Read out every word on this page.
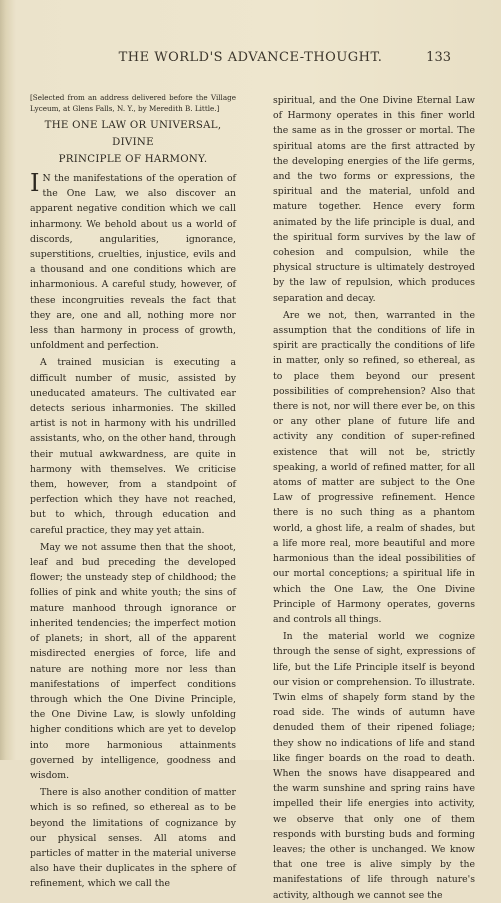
THE WORLD'S ADVANCE-THOUGHT.	133
[Selected from an address delivered before the Village Lyceum, at Glens Falls, N. Y., by Meredith B. Little.]
THE ONE LAW OR UNIVERSAL, DIVINE
PRINCIPLE OF HARMONY.

I N the manifestations of the operation of the One Law, we also discover an apparent negative condition which we call inharmony. We behold about us a world of discords, angularities, ignorance, superstitions, cruelties, injustice, evils and a thousand and one conditions which are inharmonious. A careful study, however, of these incongruities reveals the fact that they are, one and all, nothing more nor less than harmony in process of growth, unfoldment and perfection.

A trained musician is executing a difficult number of music, assisted by uneducated amateurs. The cultivated ear detects serious inharmonies. The skilled artist is not in harmony with his undrilled assistants, who, on the other hand, through their mutual awkwardness, are quite in harmony with themselves. We criticise them, however, from a standpoint of perfection which they have not reached, but to which, through education and careful practice, they may yet attain.

May we not assume then that the shoot, leaf and bud preceding the developed flower; the unsteady step of childhood; the follies of pink and white youth; the sins of mature manhood through ignorance or inherited tendencies; the imperfect motion of planets; in short, all of the apparent misdirected energies of force, life and nature are nothing more nor less than manifestations of imperfect conditions through which the One Divine Principle, the One Divine Law, is slowly unfolding higher conditions which are yet to develop into more harmonious attainments governed by intelligence, goodness and wisdom.

There is also another condition of matter which is so refined, so ethereal as to be beyond the limitations of cognizance by our physical senses. All atoms and particles of matter in the material universe also have their duplicates in the sphere of refinement, which we call the

spiritual, and the One Divine Eternal Law of Harmony operates in this finer world the same as in the grosser or mortal. The spiritual atoms are the first attracted by the developing energies of the life germs, and the two forms or expressions, the spiritual and the material, unfold and mature together. Hence every form animated by the life principle is dual, and the spiritual form survives by the law of cohesion and compulsion, while the physical structure is ultimately destroyed by the law of repulsion, which produces separation and decay.

Are we not, then, warranted in the assumption that the conditions of life in spirit are practically the conditions of life in matter, only so refined, so ethereal, as to place them beyond our present possibilities of comprehension? Also that there is not, nor will there ever be, on this or any other plane of future life and activity any condition of super-refined existence that will not be, strictly speaking, a world of refined matter, for all atoms of matter are subject to the One Law of progressive refinement. Hence there is no such thing as a phantom world, a ghost life, a realm of shades, but a life more real, more beautiful and more harmonious than the ideal possibilities of our mortal conceptions; a spiritual life in which the One Law, the One Divine Principle of Harmony operates, governs and controls all things.

In the material world we cognize through the sense of sight, expressions of life, but the Life Principle itself is beyond our vision or comprehension. To illustrate. Twin elms of shapely form stand by the road side. The winds of autumn have denuded them of their ripened foliage; they show no indications of life and stand like finger boards on the road to death. When the snows have disappeared and the warm sunshine and spring rains have impelled their life energies into activity, we observe that only one of them responds with bursting buds and forming leaves; the other is unchanged. We know that one tree is alive simply by the manifestations of life through nature's activity, although we cannot see the
